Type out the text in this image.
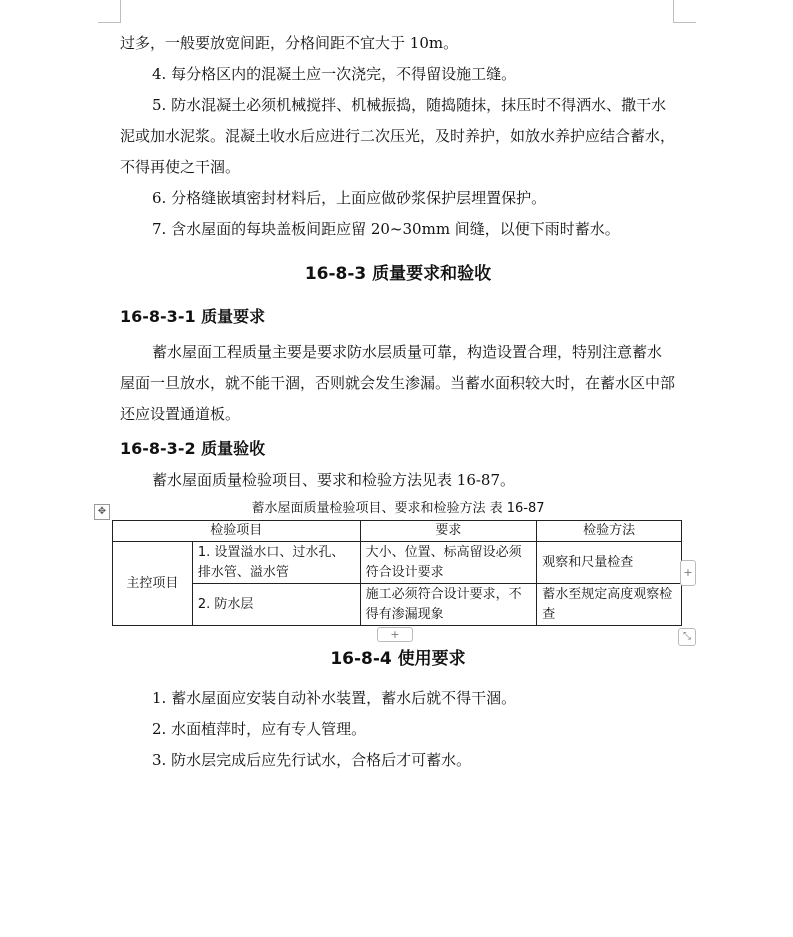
过多，一般要放宽间距，分格间距不宜大于 10m。

4. 每分格区内的混凝土应一次浇完，不得留设施工缝。

5. 防水混凝土必须机械搅拌、机械振捣，随捣随抹，抹压时不得洒水、撒干水泥或加水泥浆。混凝土收水后应进行二次压光，及时养护，如放水养护应结合蓄水，不得再使之干涸。

6. 分格缝嵌填密封材料后，上面应做砂浆保护层埋置保护。

7. 含水屋面的每块盖板间距应留 20~30mm 间缝，以便下雨时蓄水。

16-8-3 质量要求和验收
16-8-3-1 质量要求

蓄水屋面工程质量主要是要求防水层质量可靠，构造设置合理，特别注意蓄水屋面一旦放水，就不能干涸，否则就会发生渗漏。当蓄水面积较大时，在蓄水区中部还应设置通道板。

16-8-3-2 质量验收

蓄水屋面质量检验项目、要求和检验方法见表 16-87。

蓄水屋面质量检验项目、要求和检验方法 表 16-87
✥
检验项目		要求	检验方法
主控项目	1. 设置溢水口、过水孔、排水管、溢水管	大小、位置、标高留设必须符合设计要求	观察和尺量检查
	2. 防水层	施工必须符合设计要求，不得有渗漏现象	蓄水至规定高度观察检查
+
+	⤡
16-8-4 使用要求

1. 蓄水屋面应安装自动补水装置，蓄水后就不得干涸。

2. 水面植萍时，应有专人管理。

3. 防水层完成后应先行试水，合格后才可蓄水。
